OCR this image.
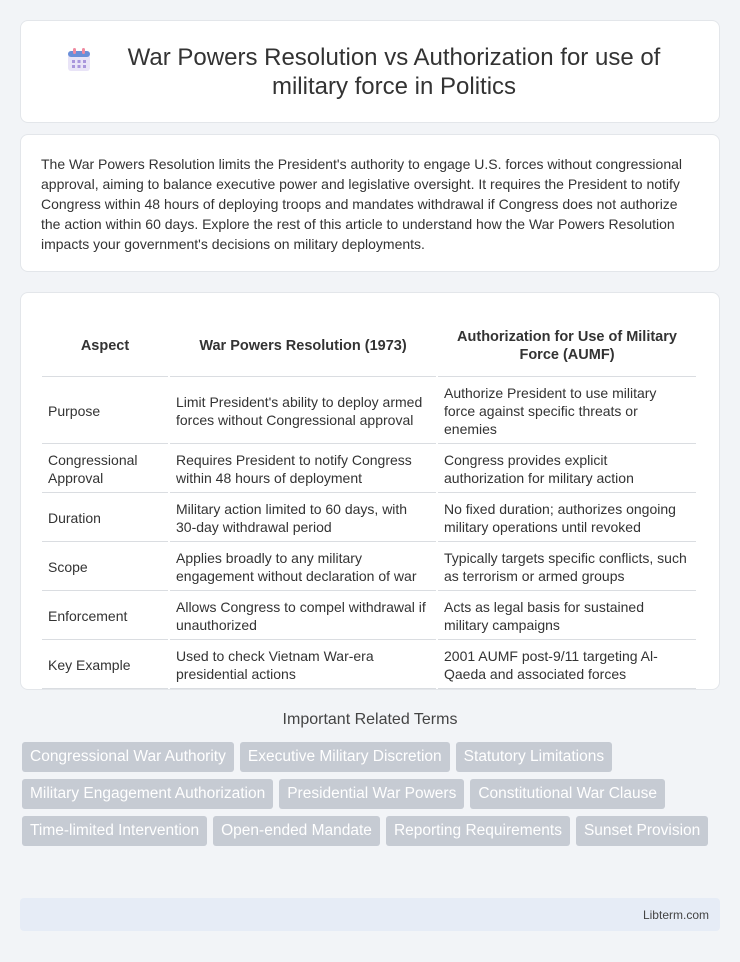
War Powers Resolution vs Authorization for use of military force in Politics

The War Powers Resolution limits the President's authority to engage U.S. forces without congressional approval, aiming to balance executive power and legislative oversight. It requires the President to notify Congress within 48 hours of deploying troops and mandates withdrawal if Congress does not authorize the action within 60 days. Explore the rest of this article to understand how the War Powers Resolution impacts your government's decisions on military deployments.

Aspect	War Powers Resolution (1973)	Authorization for Use of Military Force (AUMF)
Purpose	Limit President's ability to deploy armed forces without Congressional approval	Authorize President to use military force against specific threats or enemies
Congressional Approval	Requires President to notify Congress within 48 hours of deployment	Congress provides explicit authorization for military action
Duration	Military action limited to 60 days, with 30-day withdrawal period	No fixed duration; authorizes ongoing military operations until revoked
Scope	Applies broadly to any military engagement without declaration of war	Typically targets specific conflicts, such as terrorism or armed groups
Enforcement	Allows Congress to compel withdrawal if unauthorized	Acts as legal basis for sustained military campaigns
Key Example	Used to check Vietnam War-era presidential actions	2001 AUMF post-9/11 targeting Al-Qaeda and associated forces
Important Related Terms
Congressional War Authority	Executive Military Discretion	Statutory Limitations
Military Engagement Authorization	Presidential War Powers	Constitutional War Clause
Time-limited Intervention	Open-ended Mandate	Reporting Requirements	Sunset Provision
Libterm.com
